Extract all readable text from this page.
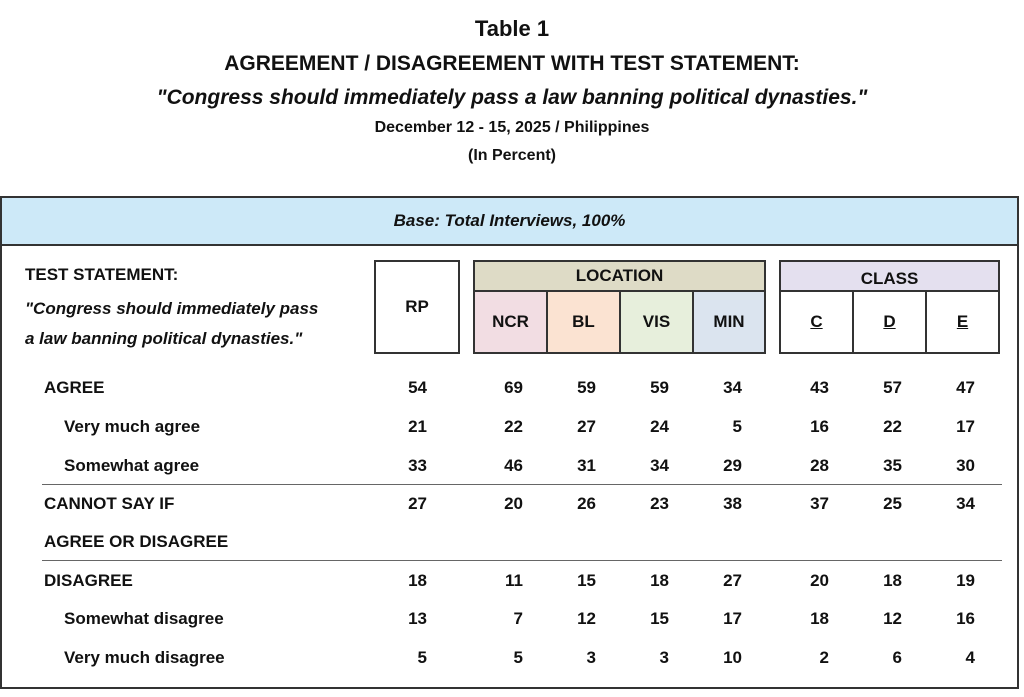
Table 1
AGREEMENT / DISAGREEMENT WITH TEST STATEMENT:
"Congress should immediately pass a law banning political dynasties."
December 12 - 15, 2025 / Philippines
(In Percent)
Base: Total Interviews, 100%
TEST STATEMENT:
"Congress should immediately pass
a law banning political dynasties."
RP
LOCATION
NCR	BL	VIS	MIN
CLASS
C	D	E
AGREE	54	69	59	59	34	43	57	47
Very much agree	21	22	27	24	5	16	22	17
Somewhat agree	33	46	31	34	29	28	35	30
CANNOT SAY IF	27	20	26	23	38	37	25	34
AGREE OR DISAGREE
DISAGREE	18	11	15	18	27	20	18	19
Somewhat disagree	13	7	12	15	17	18	12	16
Very much disagree	5	5	3	3	10	2	6	4
